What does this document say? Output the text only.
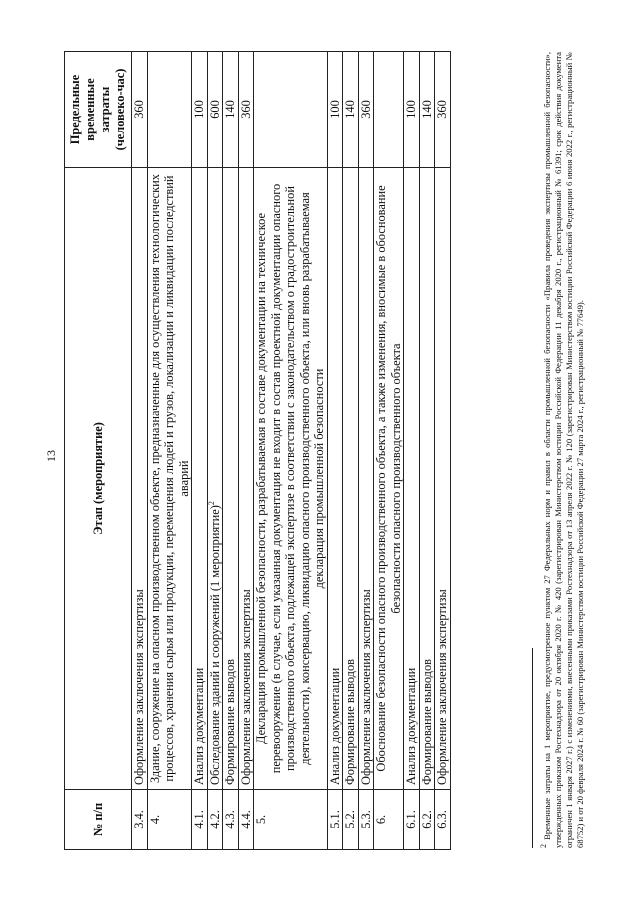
13
№ п/п	Этап (мероприятие)	Предельные временные затраты (человеко-час)

3.4.	Оформление заключения экспертизы	360
4.	Здание, сооружение на опасном производственном объекте, предназначенные для осуществления технологических процессов, хранения сырья или продукции, перемещения людей и грузов, локализации и ликвидации последствий аварий	
4.1.	Анализ документации	100
4.2.	Обследование зданий и сооружений (1 мероприятие)$^2$	600
4.3.	Формирование выводов	140
4.4.	Оформление заключения экспертизы	360
5.	Декларация промышленной безопасности, разрабатываемая в составе документации на техническое перевооружение (в случае, если указанная документация не входит в состав проектной документации опасного производственного объекта, подлежащей экспертизе в соответствии с законодательством о градостроительной деятельности), консервацию, ликвидацию опасного производственного объекта, или вновь разрабатываемая декларация промышленной безопасности	
5.1.	Анализ документации	100
5.2.	Формирование выводов	140
5.3.	Оформление заключения экспертизы	360
6.	Обоснование безопасности опасного производственного объекта, а также изменения, вносимые в обоснование безопасности опасного производственного объекта	
6.1.	Анализ документации	100
6.2.	Формирование выводов	140
6.3.	Оформление заключения экспертизы	360
$^2$ Временные затраты на 1 мероприятие, предусмотренное пунктом 27 Федеральных норм и правил в области промышленной безопасности «Правила проведения экспертизы промышленной безопасности», утвержденных приказом Ростехнадзора от 20 октября 2020 г. № 420 (зарегистрирован Министерством юстиции Российской Федерации 11 декабря 2020 г., регистрационный № 61391; срок действия документа ограничен 1 января 2027 г.) с изменениями, внесенными приказами Ростехнадзора от 13 апреля 2022 г. № 120 (зарегистрирован Министерством юстиции Российской Федерации 6 июня 2022 г., регистрационный № 68752) и от 20 февраля 2024 г. № 60 (зарегистрирован Министерством юстиции Российской Федерации 27 марта 2024 г., регистрационный № 77649).
